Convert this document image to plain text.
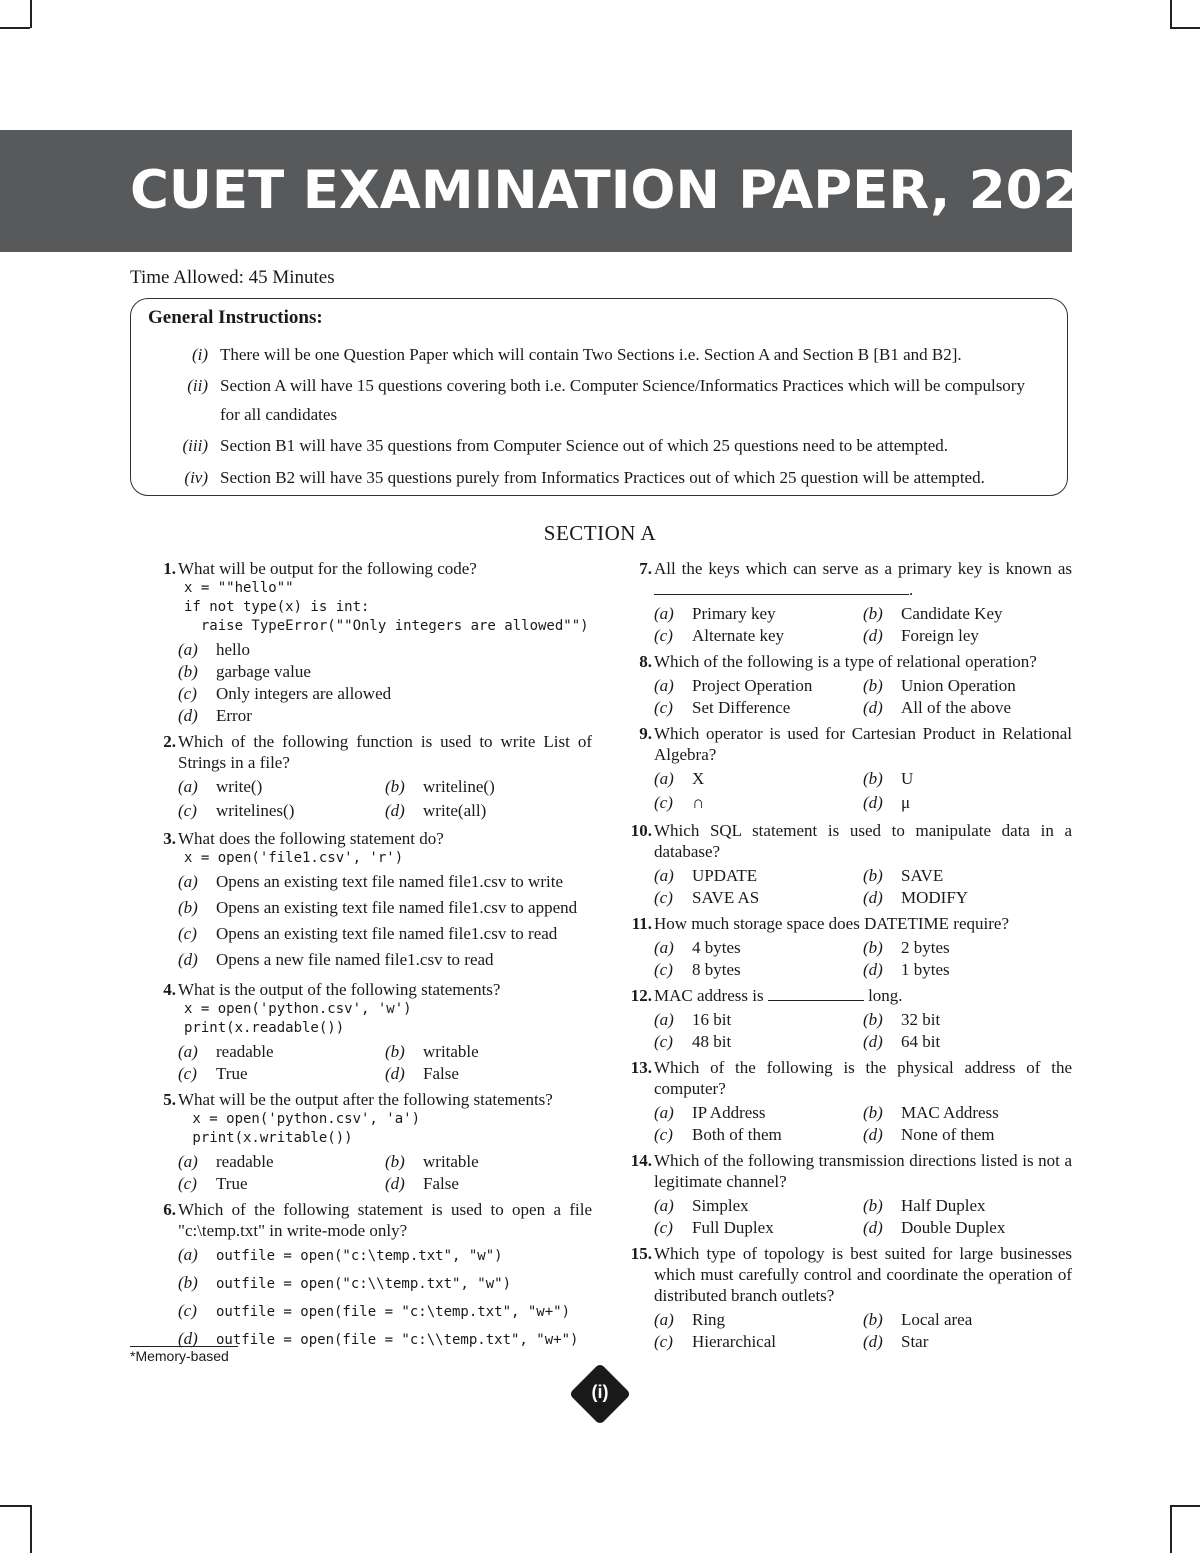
CUET EXAMINATION PAPER, 2022*
Time Allowed: 45 Minutes
General Instructions:
(i) There will be one Question Paper which will contain Two Sections i.e. Section A and Section B [B1 and B2].
(ii) Section A will have 15 questions covering both i.e. Computer Science/Informatics Practices which will be compulsory for all candidates
(iii) Section B1 will have 35 questions from Computer Science out of which 25 questions need to be attempted.
(iv) Section B2 will have 35 questions purely from Informatics Practices out of which 25 question will be attempted.
SECTION A
1. What will be output for the following code?
x = ""hello""
if not type(x) is int:
raise TypeError(""Only integers are allowed"")
(a) hello
(b) garbage value
(c) Only integers are allowed
(d) Error
2. Which of the following function is used to write List of Strings in a file?
(a) write()	(b) writeline()
(c) writelines()	(d) write(all)
3. What does the following statement do?
x = open('file1.csv', 'r')
(a) Opens an existing text file named file1.csv to write
(b) Opens an existing text file named file1.csv to append
(c) Opens an existing text file named file1.csv to read
(d) Opens a new file named file1.csv to read
4. What is the output of the following statements?
x = open('python.csv', 'w')
print(x.readable())
(a) readable	(b) writable
(c) True	(d) False
5. What will be the output after the following statements?
x = open('python.csv', 'a')
print(x.writable())
(a) readable	(b) writable
(c) True	(d) False
6. Which of the following statement is used to open a file "c:\temp.txt" in write-mode only?
(a) outfile = open("c:\temp.txt", "w")
(b) outfile = open("c:\\temp.txt", "w")
(c) outfile = open(file = "c:\temp.txt", "w+")
(d) outfile = open(file = "c:\\temp.txt", "w+")
7. All the keys which can serve as a primary key is known as .
(a) Primary key	(b) Candidate Key
(c) Alternate key	(d) Foreign ley
8. Which of the following is a type of relational operation?
(a) Project Operation	(b) Union Operation
(c) Set Difference	(d) All of the above
9. Which operator is used for Cartesian Product in Relational Algebra?
(a) X	(b) U
(c) ∩	(d) μ
10. Which SQL statement is used to manipulate data in a database?
(a) UPDATE	(b) SAVE
(c) SAVE AS	(d) MODIFY
11. How much storage space does DATETIME require?
(a) 4 bytes	(b) 2 bytes
(c) 8 bytes	(d) 1 bytes
12. MAC address is	long.
(a) 16 bit	(b) 32 bit
(c) 48 bit	(d) 64 bit
13. Which of the following is the physical address of the computer?
(a) IP Address	(b) MAC Address
(c) Both of them	(d) None of them
14. Which of the following transmission directions listed is not a legitimate channel?
(a) Simplex	(b) Half Duplex
(c) Full Duplex	(d) Double Duplex
15. Which type of topology is best suited for large businesses which must carefully control and coordinate the operation of distributed branch outlets?
(a) Ring	(b) Local area
(c) Hierarchical	(d) Star
*Memory-based
(i)
